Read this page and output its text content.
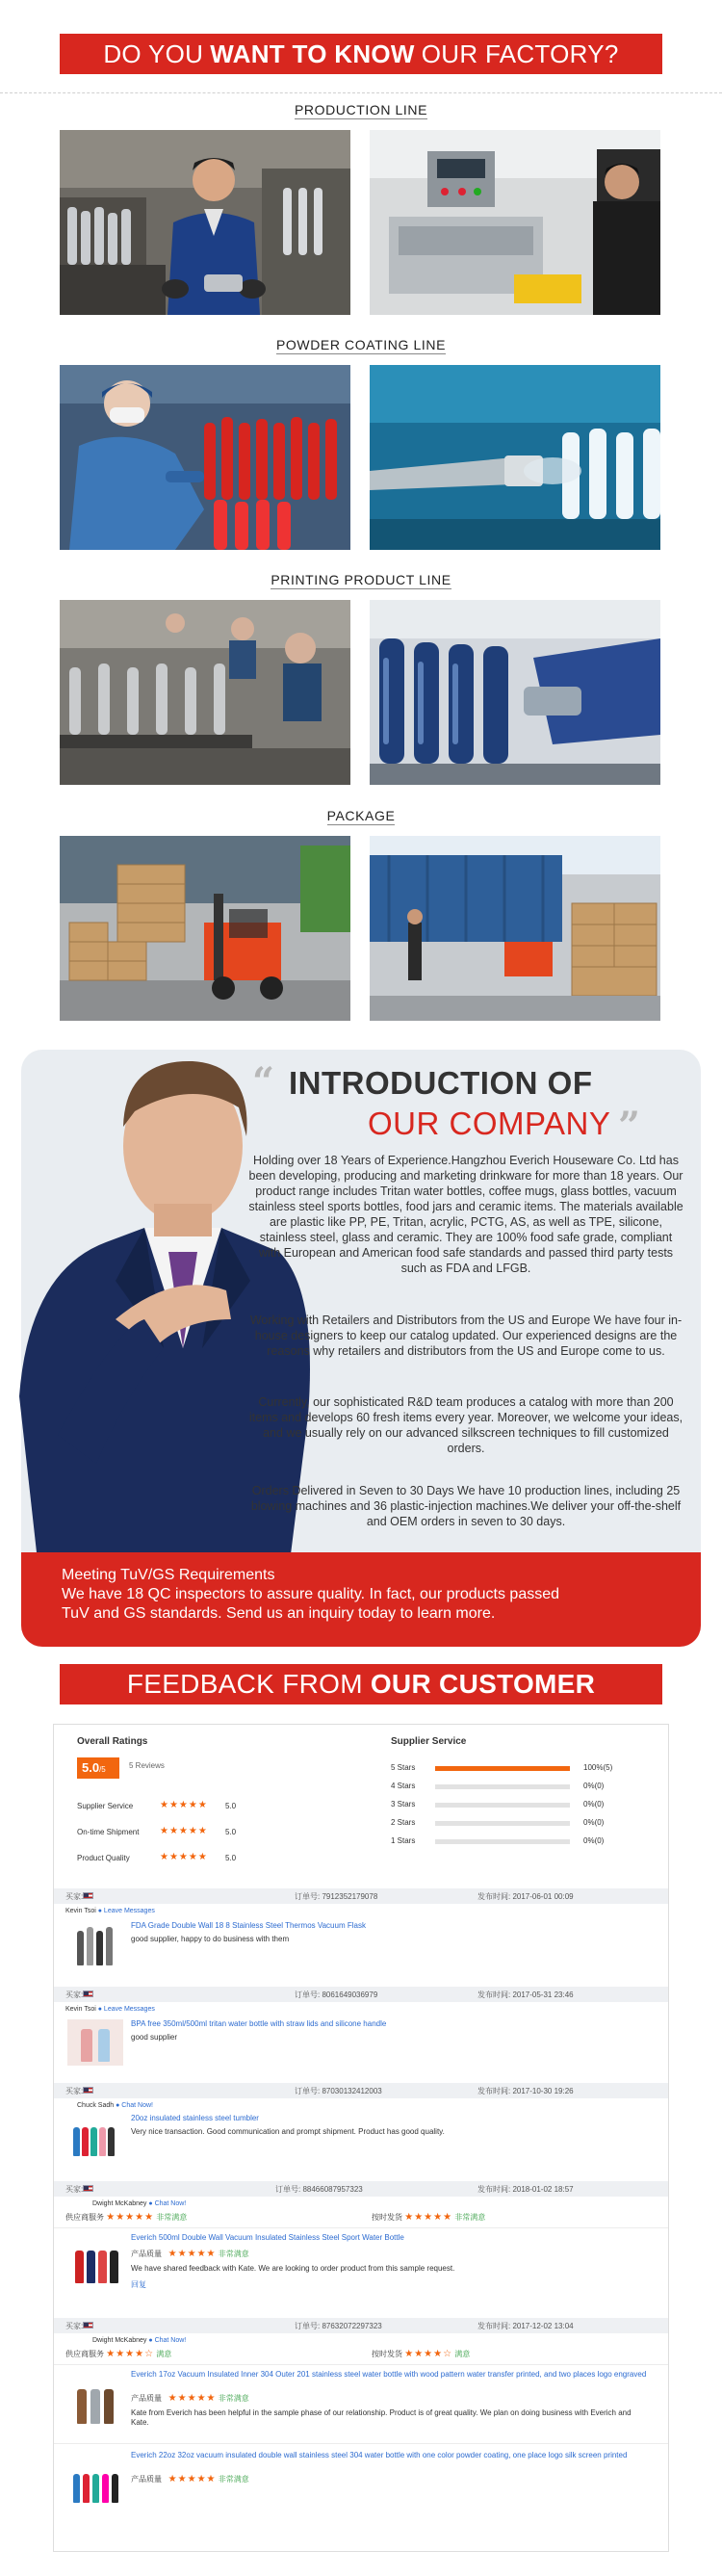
DO YOU WANT TO KNOW OUR FACTORY?
PRODUCTION LINE
POWDER COATING LINE
PRINTING PRODUCT LINE
PACKAGE
“ INTRODUCTION OF
OUR COMPANY ”
Holding over 18 Years of Experience.Hangzhou Everich Houseware Co. Ltd has been developing, producing and marketing drinkware for more than 18 years. Our product range includes Tritan water bottles, coffee mugs, glass bottles, vacuum stainless steel sports bottles, food jars and ceramic items. The materials available are plastic like PP, PE, Tritan, acrylic, PCTG, AS, as well as TPE, silicone, stainless steel, glass and ceramic. They are 100% food safe grade, compliant with European and American food safe standards and passed third party tests such as FDA and LFGB.
Working with Retailers and Distributors from the US and Europe We have four in-house designers to keep our catalog updated. Our experienced designs are the reasons why retailers and distributors from the US and Europe come to us.
Currently, our sophisticated R&D team produces a catalog with more than 200 items and develops 60 fresh items every year. Moreover, we welcome your ideas, and we usually rely on our advanced silkscreen techniques to fill customized orders.
Orders Delivered in Seven to 30 Days We have 10 production lines, including 25 blowing machines and 36 plastic-injection machines.We deliver your off-the-shelf and OEM orders in seven to 30 days.
Meeting TuV/GS Requirements
We have 18 QC inspectors to assure quality. In fact, our products passed
TuV and GS standards. Send us an inquiry today to learn more.
FEEDBACK FROM OUR CUSTOMER
Overall Ratings
5.0/5	5 Reviews
Supplier Service	★★★★★ 5.0
On-time Shipment ★★★★★ 5.0
Product Quality	★★★★★ 5.0
Supplier Service
5 Stars	100%(5)
4 Stars	0%(0)
3 Stars	0%(0)
2 Stars	0%(0)
1 Stars	0%(0)
买家:	订单号: 7912352179078	发布时间: 2017-06-01 00:09
Kevin Tsoi ● Leave Messages
FDA Grade Double Wall 18 8 Stainless Steel Thermos Vacuum Flask
good supplier, happy to do business with them
买家:	订单号: 8061649036979	发布时间: 2017-05-31 23:46
Kevin Tsoi ● Leave Messages
BPA free 350ml/500ml tritan water bottle with straw lids and silicone handle
good supplier
买家:	订单号: 87030132412003	发布时间: 2017-10-30 19:26
Chuck Sadh ● Chat Now!
20oz insulated stainless steel tumbler
Very nice transaction. Good communication and prompt shipment. Product has good quality.
买家:	订单号: 88466087957323	发布时间: 2018-01-02 18:57
Dwight McKabney ● Chat Now!
供应商服务 ★★★★★ 非常满意	按时发货 ★★★★★ 非常满意
Everich 500ml Double Wall Vacuum Insulated Stainless Steel Sport Water Bottle
产品质量 ★★★★★ 非常满意
We have shared feedback with Kate. We are looking to order product from this sample request.
回复
买家:	订单号: 87632072297323	发布时间: 2017-12-02 13:04
Dwight McKabney ● Chat Now!
供应商服务 ★★★★☆ 满意	按时发货 ★★★★☆ 满意
Everich 17oz Vacuum Insulated Inner 304 Outer 201 stainless steel water bottle with wood pattern water transfer printed, and two places logo engraved
产品质量 ★★★★★ 非常满意
Kate from Everich has been helpful in the sample phase of our relationship. Product is of great quality. We plan on doing business with Everich and Kate.
Everich 22oz 32oz vacuum insulated double wall stainless steel 304 water bottle with one color powder coating, one place logo silk screen printed
产品质量 ★★★★★ 非常满意
